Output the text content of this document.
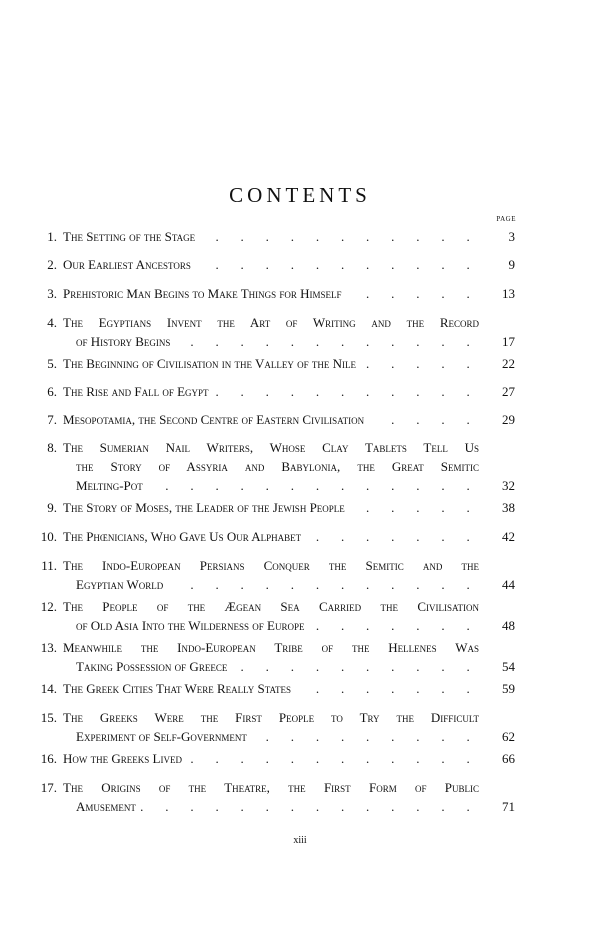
CONTENTS
PAGE
1. The Setting of the Stage . . .	3
2. Our Earliest Ancestors . . .	9
3. Prehistoric Man Begins to Make Things for Himself . . .	13
4. The Egyptians Invent the Art of Writing and the Record
of History Begins . . .	17
5. The Beginning of Civilisation in the Valley of the Nile . . .	22
6. The Rise and Fall of Egypt . . .	27
7. Mesopotamia, the Second Centre of Eastern Civilisation . . .	29
8. The Sumerian Nail Writers, Whose Clay Tablets Tell Us
the Story of Assyria and Babylonia, the Great Semitic
Melting-Pot . . .	32
9. The Story of Moses, the Leader of the Jewish People . . .	38
10. The Phœnicians, Who Gave Us Our Alphabet . . .	42
11. The Indo-European Persians Conquer the Semitic and the
Egyptian World . . .	44
12. The People of the Ægean Sea Carried the Civilisation
of Old Asia Into the Wilderness of Europe . . .	48
13. Meanwhile the Indo-European Tribe of the Hellenes Was
Taking Possession of Greece . . .	54
14. The Greek Cities That Were Really States . . .	59
15. The Greeks Were the First People to Try the Difficult
Experiment of Self-Government . . .	62
16. How the Greeks Lived . . .	66
17. The Origins of the Theatre, the First Form of Public
Amusement . . .	71
xiii
